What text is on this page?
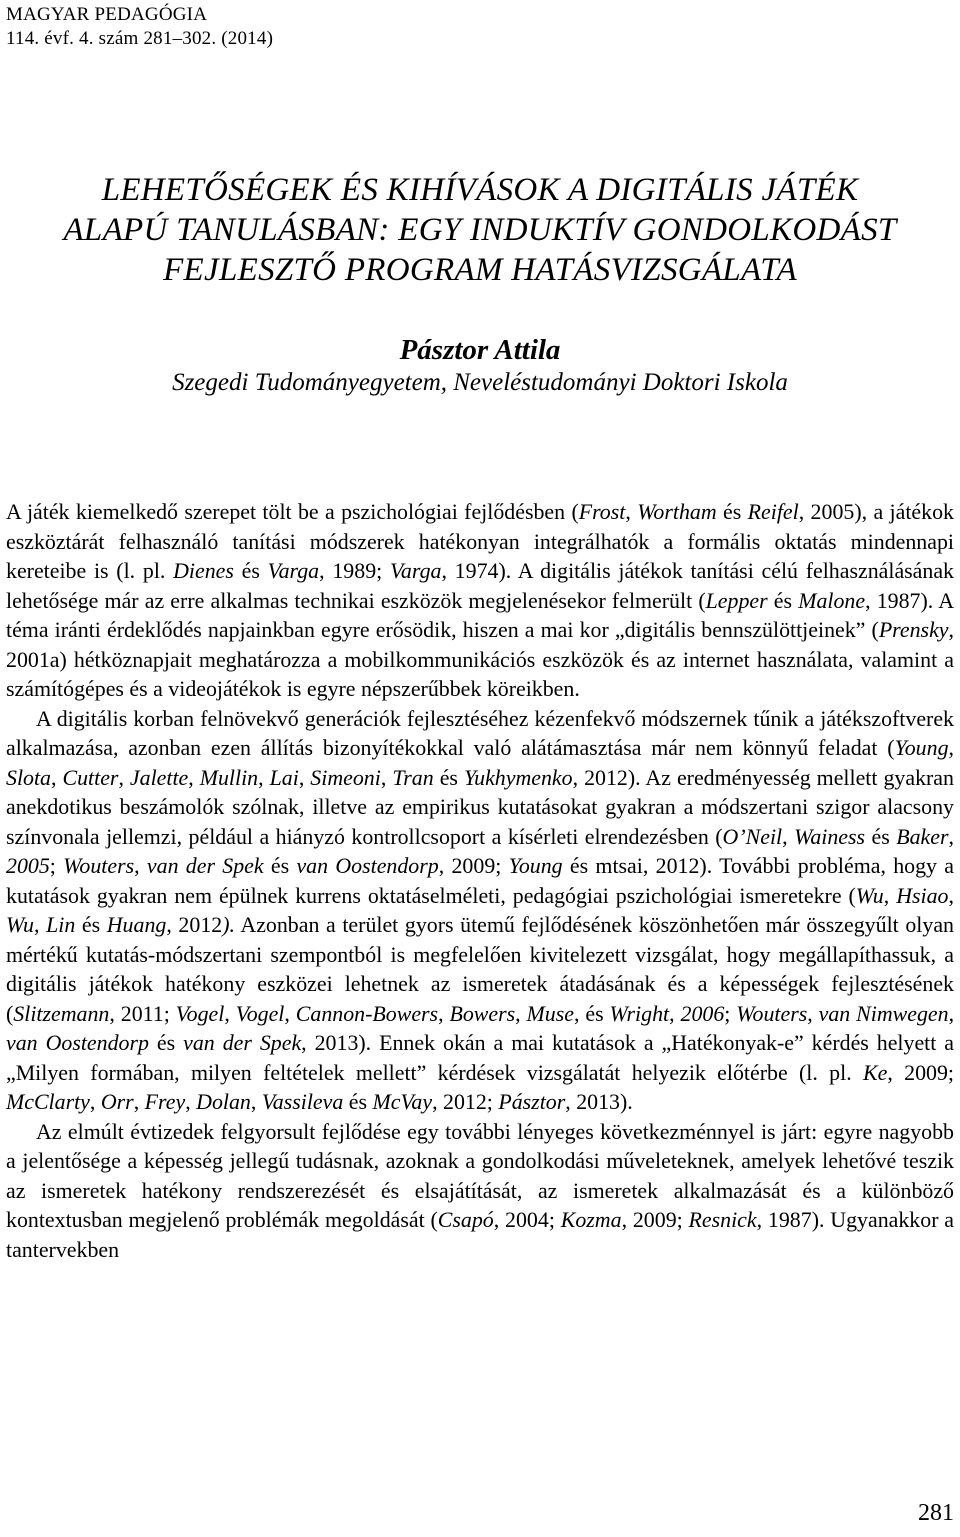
MAGYAR PEDAGÓGIA
114. évf. 4. szám 281–302. (2014)
LEHETŐSÉGEK ÉS KIHÍVÁSOK A DIGITÁLIS JÁTÉK
ALAPÚ TANULÁSBAN: EGY INDUKTÍV GONDOLKODÁST
FEJLESZTŐ PROGRAM HATÁSVIZSGÁLATA
Pásztor Attila
Szegedi Tudományegyetem, Neveléstudományi Doktori Iskola

A játék kiemelkedő szerepet tölt be a pszichológiai fejlődésben (Frost, Wortham és Reifel, 2005), a játékok eszköztárát felhasználó tanítási módszerek hatékonyan integrálhatók a formális oktatás mindennapi kereteibe is (l. pl. Dienes és Varga, 1989; Varga, 1974). A digitális játékok tanítási célú felhasználásának lehetősége már az erre alkalmas technikai eszközök megjelenésekor felmerült (Lepper és Malone, 1987). A téma iránti érdeklődés napjainkban egyre erősödik, hiszen a mai kor „digitális bennszülöttjeinek” (Prensky, 2001a) hétköznapjait meghatározza a mobilkommunikációs eszközök és az internet használata, valamint a számítógépes és a videojátékok is egyre népszerűbbek köreikben.

A digitális korban felnövekvő generációk fejlesztéséhez kézenfekvő módszernek tűnik a játékszoftverek alkalmazása, azonban ezen állítás bizonyítékokkal való alátámasztása már nem könnyű feladat (Young, Slota, Cutter, Jalette, Mullin, Lai, Simeoni, Tran és Yukhymenko, 2012). Az eredményesség mellett gyakran anekdotikus beszámolók szólnak, illetve az empirikus kutatásokat gyakran a módszertani szigor alacsony színvonala jellemzi, például a hiányzó kontrollcsoport a kísérleti elrendezésben (O’Neil, Wainess és Baker, 2005; Wouters, van der Spek és van Oostendorp, 2009; Young és mtsai, 2012). További probléma, hogy a kutatások gyakran nem épülnek kurrens oktatáselméleti, pedagógiai pszichológiai ismeretekre (Wu, Hsiao, Wu, Lin és Huang, 2012). Azonban a terület gyors ütemű fejlődésének köszönhetően már összegyűlt olyan mértékű kutatás-módszertani szempontból is megfelelően kivitelezett vizsgálat, hogy megállapíthassuk, a digitális játékok hatékony eszközei lehetnek az ismeretek átadásának és a képességek fejlesztésének (Slitzemann, 2011; Vogel, Vogel, Cannon-Bowers, Bowers, Muse, és Wright, 2006; Wouters, van Nimwegen, van Oostendorp és van der Spek, 2013). Ennek okán a mai kutatások a „Hatékonyak-e” kérdés helyett a „Milyen formában, milyen feltételek mellett” kérdések vizsgálatát helyezik előtérbe (l. pl. Ke, 2009; McClarty, Orr, Frey, Dolan, Vassileva és McVay, 2012; Pásztor, 2013).

Az elmúlt évtizedek felgyorsult fejlődése egy további lényeges következménnyel is járt: egyre nagyobb a jelentősége a képesség jellegű tudásnak, azoknak a gondolkodási műveleteknek, amelyek lehetővé teszik az ismeretek hatékony rendszerezését és elsajátítását, az ismeretek alkalmazását és a különböző kontextusban megjelenő problémák megoldását (Csapó, 2004; Kozma, 2009; Resnick, 1987). Ugyanakkor a tantervekben

281
